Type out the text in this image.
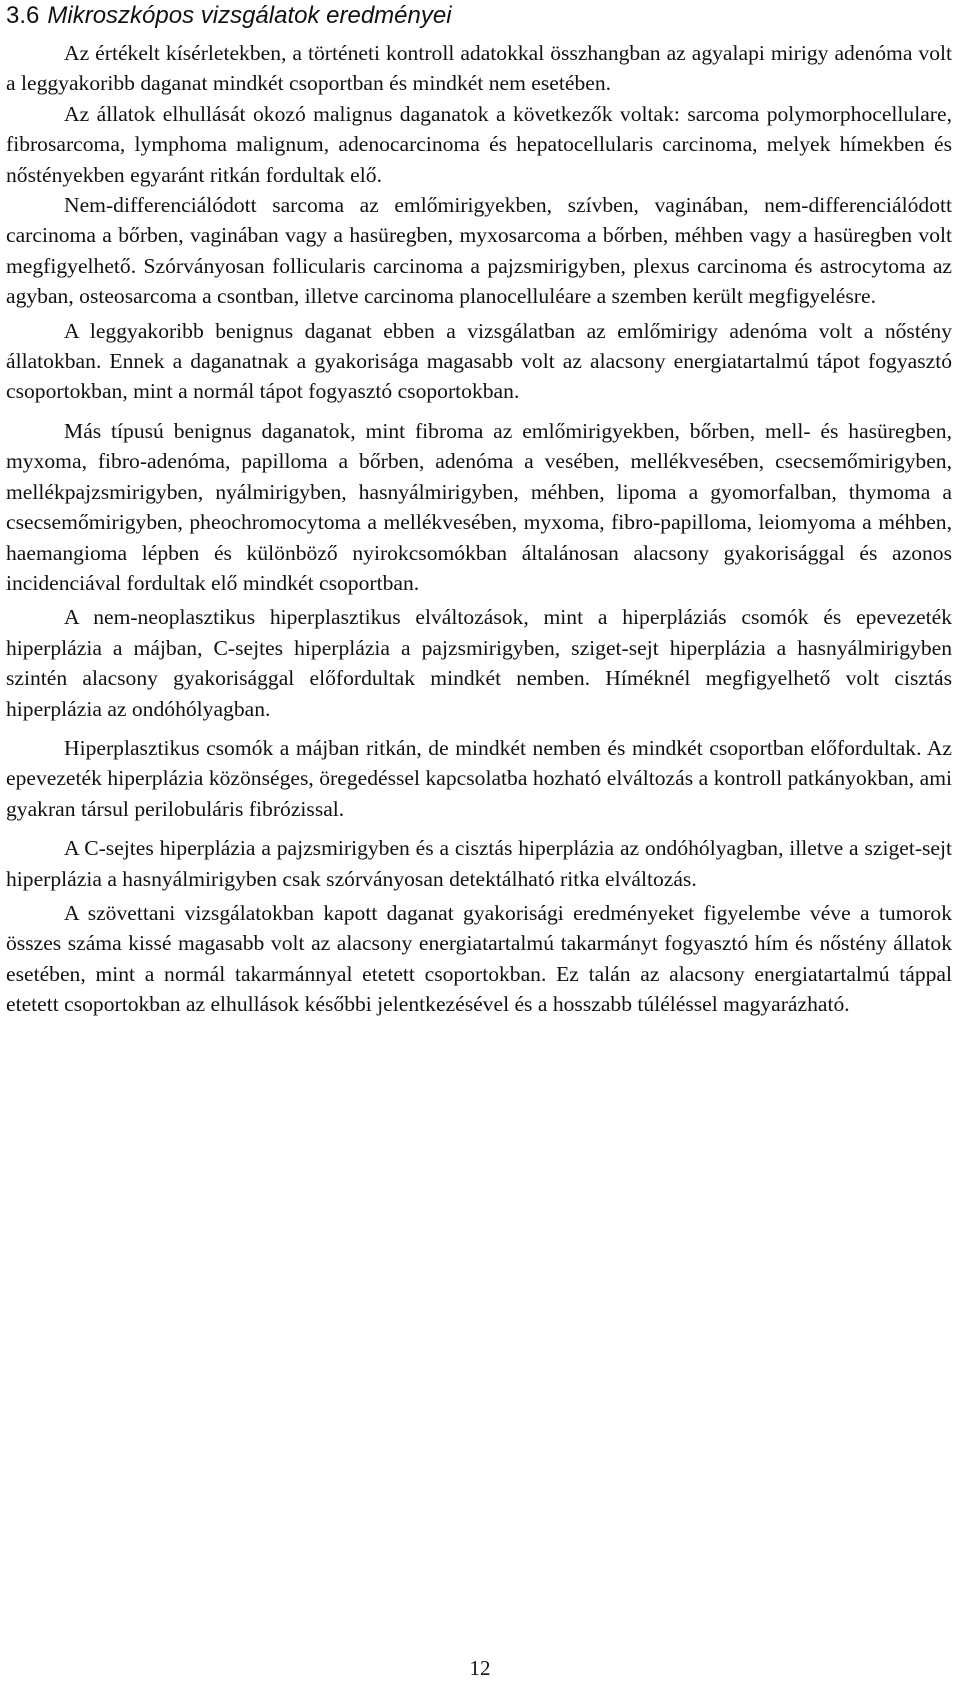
3.6 Mikroszkópos vizsgálatok eredményei

Az értékelt kísérletekben, a történeti kontroll adatokkal összhangban az agyalapi mirigy adenóma volt a leggyakoribb daganat mindkét csoportban és mindkét nem esetében.

Az állatok elhullását okozó malignus daganatok a következők voltak: sarcoma polymorphocellulare, fibrosarcoma, lymphoma malignum, adenocarcinoma és hepatocellularis carcinoma, melyek hímekben és nőstényekben egyaránt ritkán fordultak elő.

Nem-differenciálódott sarcoma az emlőmirigyekben, szívben, vaginában, nem-differenciálódott carcinoma a bőrben, vaginában vagy a hasüregben, myxosarcoma a bőrben, méhben vagy a hasüregben volt megfigyelhető. Szórványosan follicularis carcinoma a pajzsmirigyben, plexus carcinoma és astrocytoma az agyban, osteosarcoma a csontban, illetve carcinoma planocelluléare a szemben került megfigyelésre.

A leggyakoribb benignus daganat ebben a vizsgálatban az emlőmirigy adenóma volt a nőstény állatokban. Ennek a daganatnak a gyakorisága magasabb volt az alacsony energiatartalmú tápot fogyasztó csoportokban, mint a normál tápot fogyasztó csoportokban.

Más típusú benignus daganatok, mint fibroma az emlőmirigyekben, bőrben, mell- és hasüregben, myxoma, fibro-adenóma, papilloma a bőrben, adenóma a vesében, mellékvesében, csecsemőmirigyben, mellékpajzsmirigyben, nyálmirigyben, hasnyálmirigyben, méhben, lipoma a gyomorfalban, thymoma a csecsemőmirigyben, pheochromocytoma a mellékvesében, myxoma, fibro-papilloma, leiomyoma a méhben, haemangioma lépben és különböző nyirokcsomókban általánosan alacsony gyakorisággal és azonos incidenciával fordultak elő mindkét csoportban.

A nem-neoplasztikus hiperplasztikus elváltozások, mint a hiperpláziás csomók és epevezeték hiperplázia a májban, C-sejtes hiperplázia a pajzsmirigyben, sziget-sejt hiperplázia a hasnyálmirigyben szintén alacsony gyakorisággal előfordultak mindkét nemben. Híméknél megfigyelhető volt cisztás hiperplázia az ondóhólyagban.

Hiperplasztikus csomók a májban ritkán, de mindkét nemben és mindkét csoportban előfordultak. Az epevezeték hiperplázia közönséges, öregedéssel kapcsolatba hozható elváltozás a kontroll patkányokban, ami gyakran társul perilobuláris fibrózissal.

A C-sejtes hiperplázia a pajzsmirigyben és a cisztás hiperplázia az ondóhólyagban, illetve a sziget-sejt hiperplázia a hasnyálmirigyben csak szórványosan detektálható ritka elváltozás.

A szövettani vizsgálatokban kapott daganat gyakorisági eredményeket figyelembe véve a tumorok összes száma kissé magasabb volt az alacsony energiatartalmú takarmányt fogyasztó hím és nőstény állatok esetében, mint a normál takarmánnyal etetett csoportokban. Ez talán az alacsony energiatartalmú táppal etetett csoportokban az elhullások későbbi jelentkezésével és a hosszabb túléléssel magyarázható.

12
